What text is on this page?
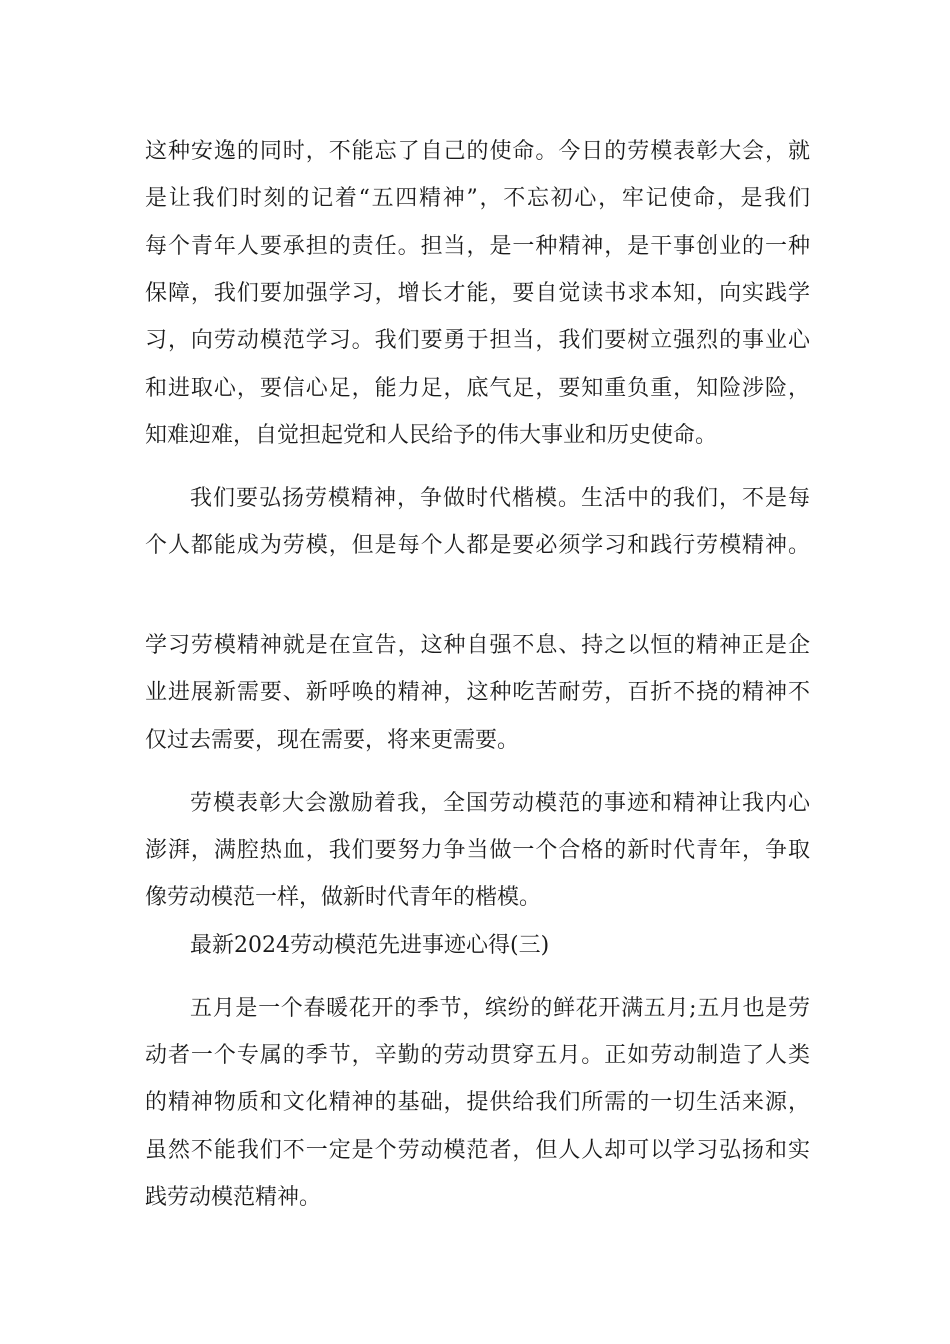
这种安逸的同时，不能忘了自己的使命。今日的劳模表彰大会，就
是让我们时刻的记着“五四精神”，不忘初心，牢记使命，是我们
每个青年人要承担的责任。担当，是一种精神，是干事创业的一种
保障，我们要加强学习，增长才能，要自觉读书求本知，向实践学
习，向劳动模范学习。我们要勇于担当，我们要树立强烈的事业心
和进取心，要信心足，能力足，底气足，要知重负重，知险涉险，
知难迎难，自觉担起党和人民给予的伟大事业和历史使命。
我们要弘扬劳模精神，争做时代楷模。生活中的我们，不是每
个人都能成为劳模，但是每个人都是要必须学习和践行劳模精神。
学习劳模精神就是在宣告，这种自强不息、持之以恒的精神正是企
业进展新需要、新呼唤的精神，这种吃苦耐劳，百折不挠的精神不
仅过去需要，现在需要，将来更需要。
劳模表彰大会激励着我，全国劳动模范的事迹和精神让我内心
澎湃，满腔热血，我们要努力争当做一个合格的新时代青年，争取
像劳动模范一样，做新时代青年的楷模。
最新2024劳动模范先进事迹心得(三)
五月是一个春暖花开的季节，缤纷的鲜花开满五月;五月也是劳
动者一个专属的季节，辛勤的劳动贯穿五月。正如劳动制造了人类
的精神物质和文化精神的基础，提供给我们所需的一切生活来源，
虽然不能我们不一定是个劳动模范者，但人人却可以学习弘扬和实
践劳动模范精神。
